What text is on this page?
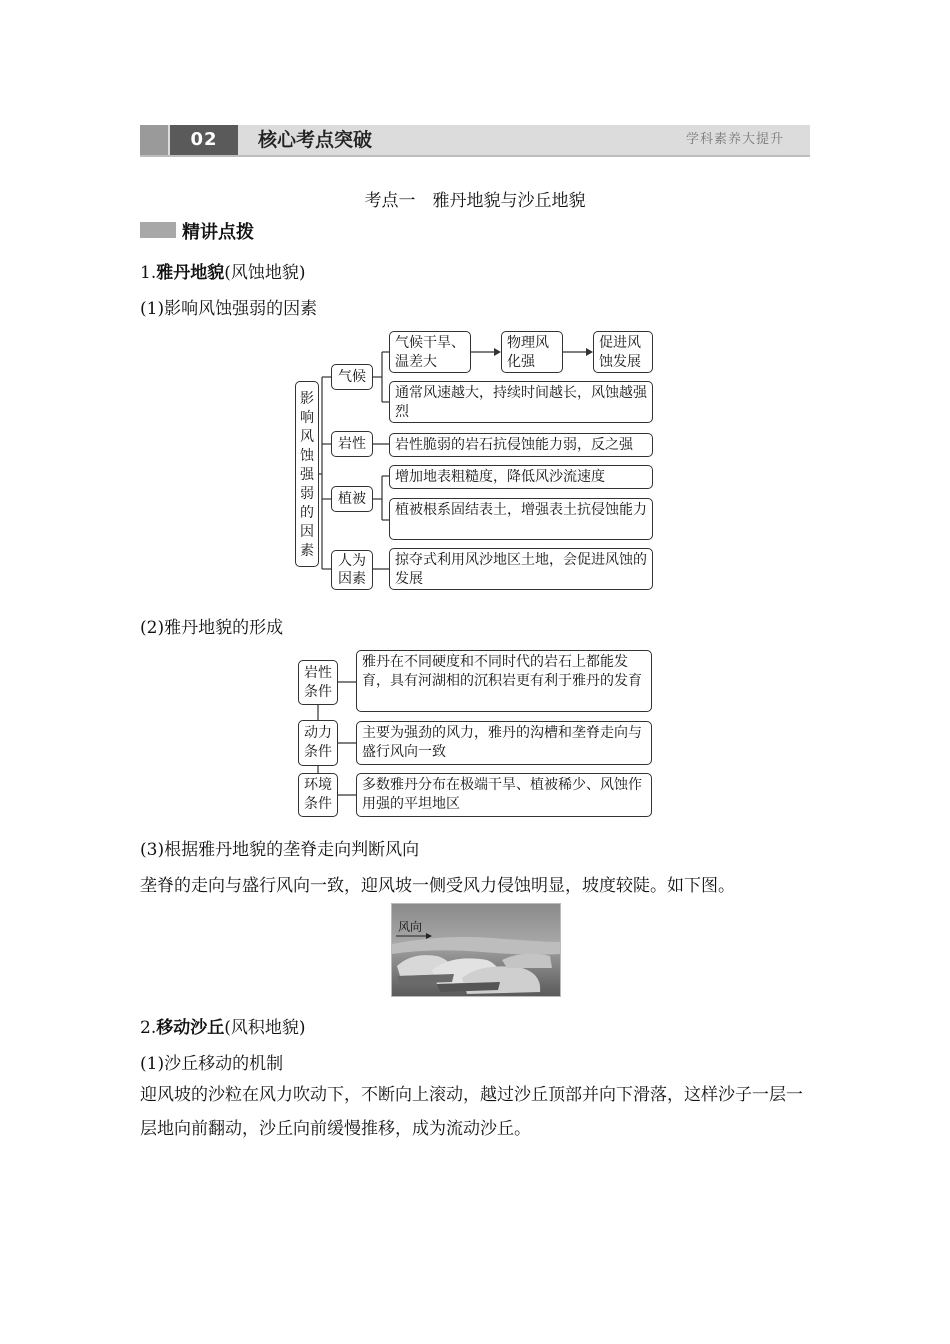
02	核心考点突破	学科素养大提升
考点一　雅丹地貌与沙丘地貌
精讲点拨
1.雅丹地貌(风蚀地貌)
(1)影响风蚀强弱的因素
影响风蚀强弱的因素
气候
岩性
植被
人为因素
气候干旱、温差大
物理风化强
促进风蚀发展
通常风速越大，持续时间越长，风蚀越强烈
岩性脆弱的岩石抗侵蚀能力弱，反之强
增加地表粗糙度，降低风沙流速度
植被根系固结表土，增强表土抗侵蚀能力
掠夺式利用风沙地区土地，会促进风蚀的发展
(2)雅丹地貌的形成
岩性条件
雅丹在不同硬度和不同时代的岩石上都能发育，具有河湖相的沉积岩更有利于雅丹的发育
动力条件
主要为强劲的风力，雅丹的沟槽和垄脊走向与盛行风向一致
环境条件
多数雅丹分布在极端干旱、植被稀少、风蚀作用强的平坦地区
(3)根据雅丹地貌的垄脊走向判断风向
垄脊的走向与盛行风向一致，迎风坡一侧受风力侵蚀明显，坡度较陡。如下图。
风向
2.移动沙丘(风积地貌)
(1)沙丘移动的机制
迎风坡的沙粒在风力吹动下，不断向上滚动，越过沙丘顶部并向下滑落，这样沙子一层一层地向前翻动，沙丘向前缓慢推移，成为流动沙丘。
